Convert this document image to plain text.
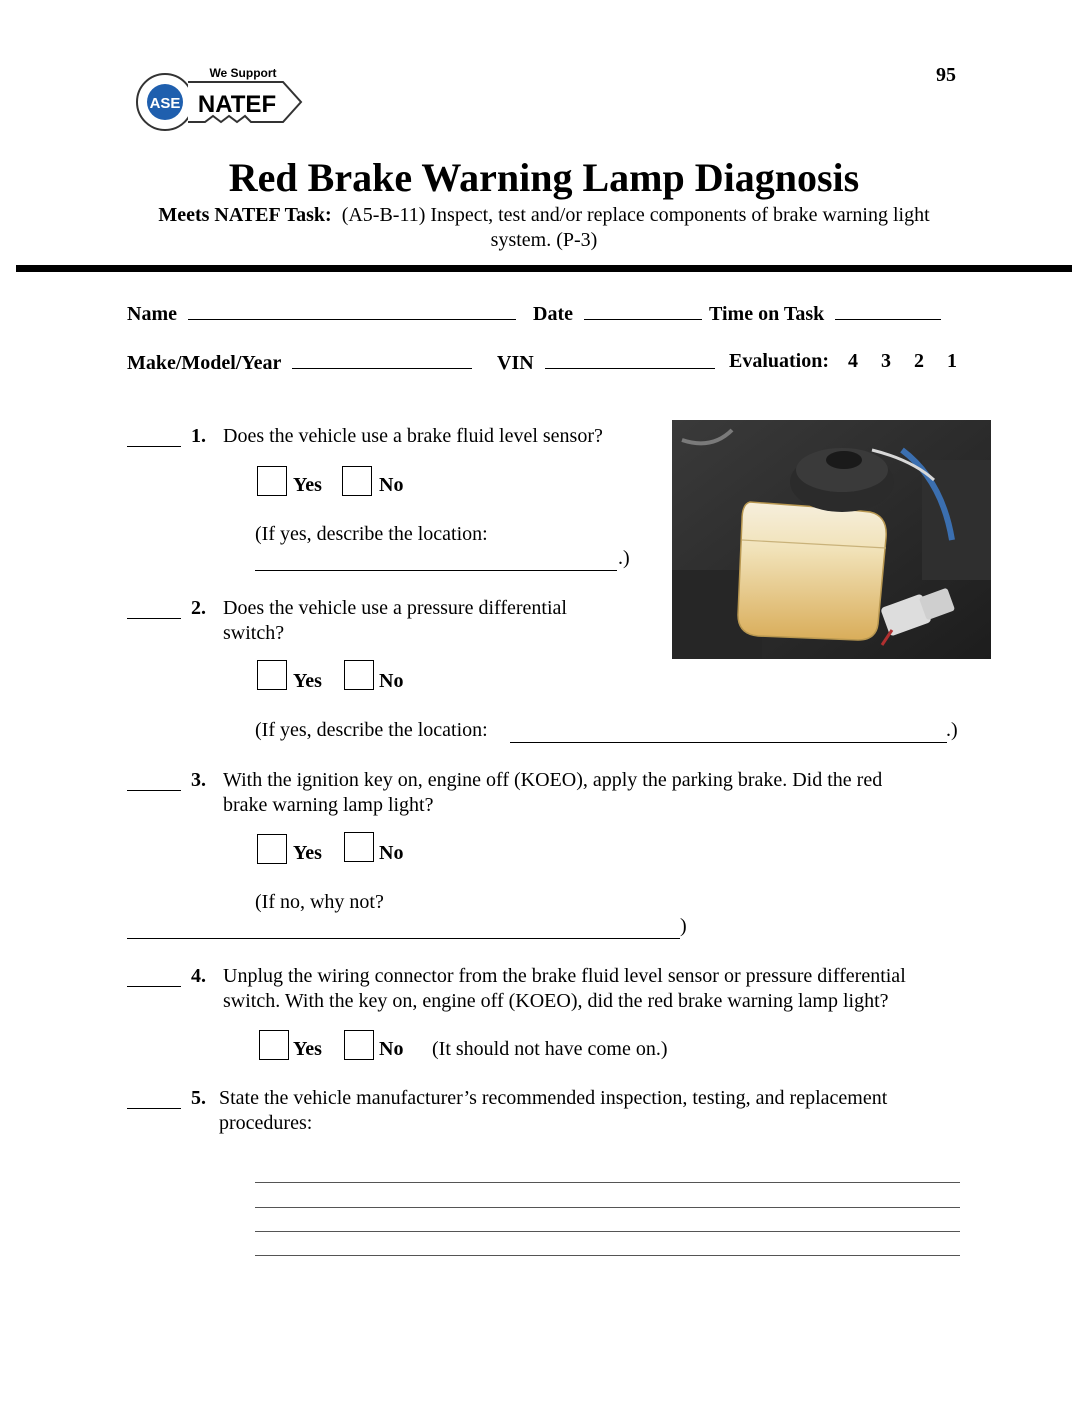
95
ASE
We Support
NATEF
Red Brake Warning Lamp Diagnosis
Meets NATEF Task: (A5-B-11) Inspect, test and/or replace components of brake warning light
system. (P-3)
Name	Date	Time on Task
Make/Model/Year	VIN	Evaluation: 4 3 2 1
1. Does the vehicle use a brake fluid level sensor?
Yes	No
(If yes, describe the location:
.)
2. Does the vehicle use a pressure differential
switch?
Yes	No
(If yes, describe the location:	.)
3. With the ignition key on, engine off (KOEO), apply the parking brake. Did the red
brake warning lamp light?
Yes	No
(If no, why not?
)
4. Unplug the wiring connector from the brake fluid level sensor or pressure differential
switch. With the key on, engine off (KOEO), did the red brake warning lamp light?
Yes	No (It should not have come on.)
5. State the vehicle manufacturer’s recommended inspection, testing, and replacement
procedures:
